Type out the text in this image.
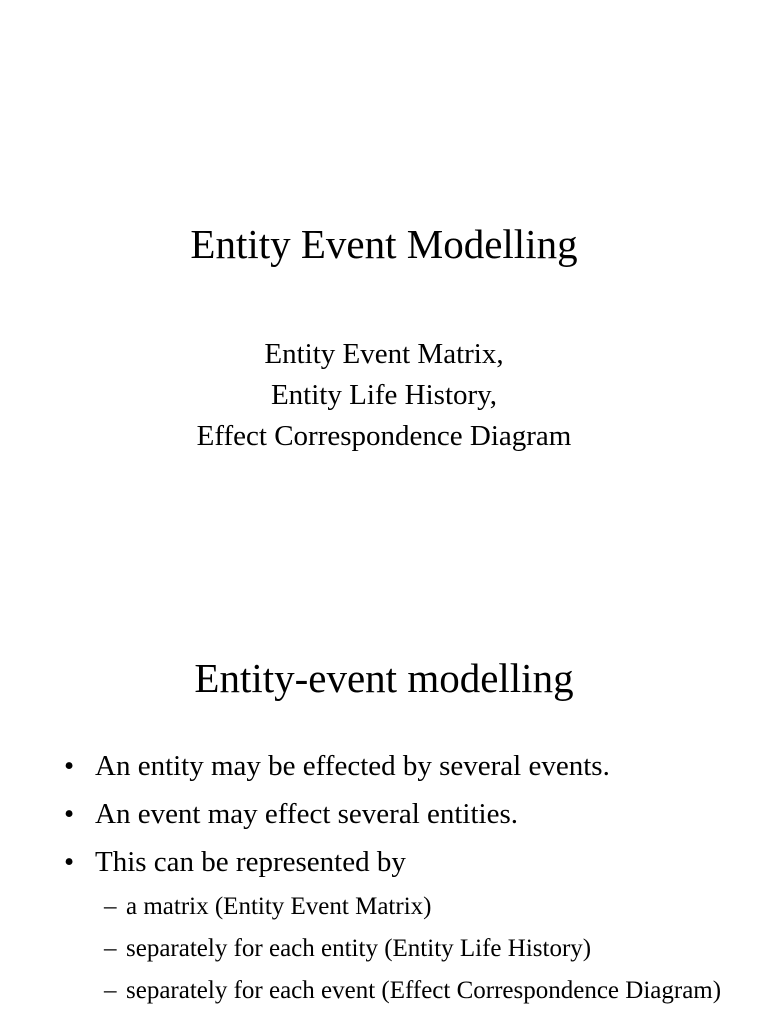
Entity Event Modelling
Entity Event Matrix,
Entity Life History,
Effect Correspondence Diagram
Entity-event modelling
• An entity may be effected by several events.
• An event may effect several entities.
• This can be represented by
– a matrix (Entity Event Matrix)
– separately for each entity (Entity Life History)
– separately for each event (Effect Correspondence Diagram)
